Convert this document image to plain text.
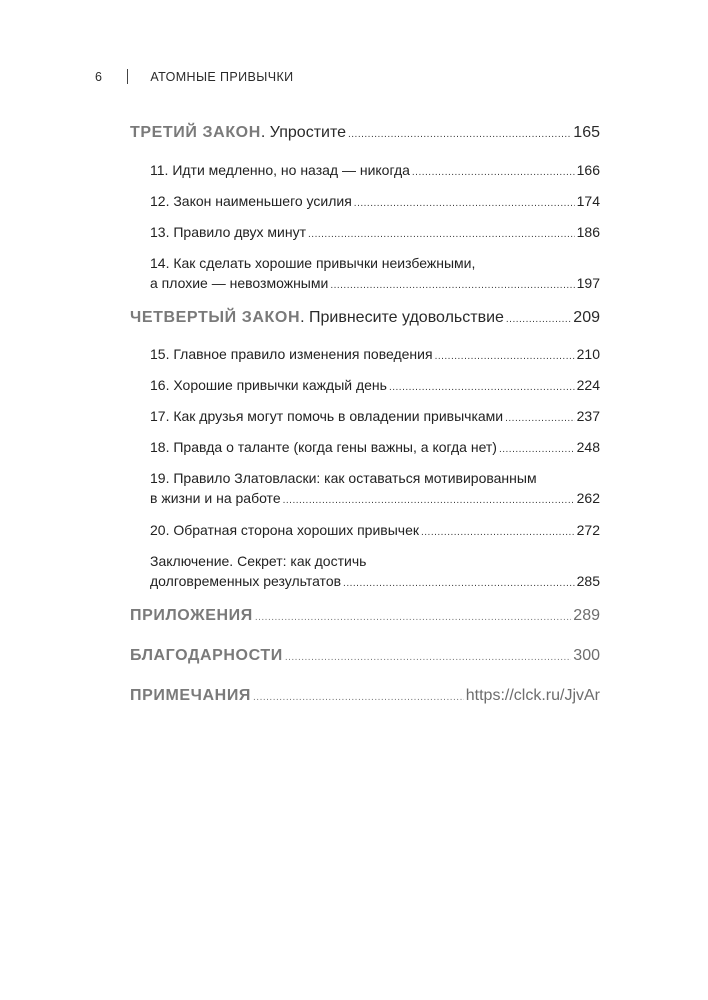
6	АТОМНЫЕ ПРИВЫЧКИ
ТРЕТИЙ ЗАКОН. Упростите .....	165
11. Идти медленно, но назад — никогда .....	166
12. Закон наименьшего усилия .....	174
13. Правило двух минут .....	186
14. Как сделать хорошие привычки неизбежными,
а плохие — невозможными .....	197
ЧЕТВЕРТЫЙ ЗАКОН. Привнесите удовольствие .....	209
15. Главное правило изменения поведения .....	210
16. Хорошие привычки каждый день .....	224
17. Как друзья могут помочь в овладении привычками .....	237
18. Правда о таланте (когда гены важны, а когда нет) .....	248
19. Правило Златовласки: как оставаться мотивированным
в жизни и на работе .....	262
20. Обратная сторона хороших привычек .....	272
Заключение. Секрет: как достичь
долговременных результатов .....	285
ПРИЛОЖЕНИЯ .....	289
БЛАГОДАРНОСТИ .....	300
ПРИМЕЧАНИЯ .....	https://clck.ru/JjvAr
